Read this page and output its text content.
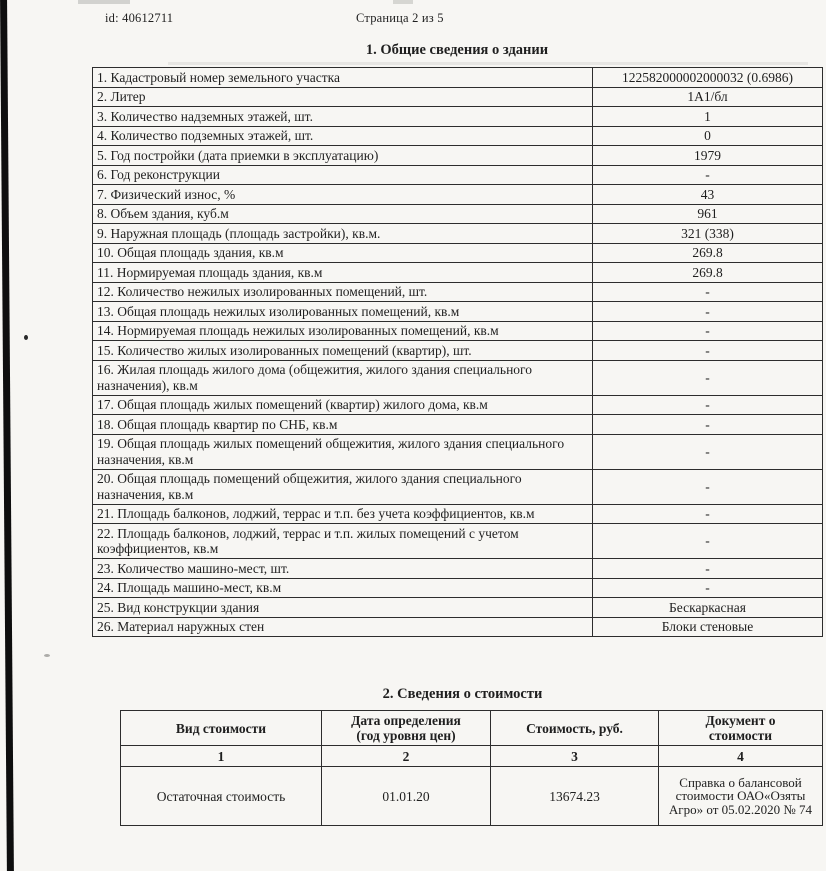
id: 40612711	Страница 2 из 5
1. Общие сведения о здании
1. Кадастровый номер земельного участка	122582000002000032 (0.6986)
2. Литер	1А1/бл
3. Количество надземных этажей, шт.	1
4. Количество подземных этажей, шт.	0
5. Год постройки (дата приемки в эксплуатацию)	1979
6. Год реконструкции	-
7. Физический износ, %	43
8. Объем здания, куб.м	961
9. Наружная площадь (площадь застройки), кв.м.	321 (338)
10. Общая площадь здания, кв.м	269.8
11. Нормируемая площадь здания, кв.м	269.8
12. Количество нежилых изолированных помещений, шт.	-
13. Общая площадь нежилых изолированных помещений, кв.м	-
14. Нормируемая площадь нежилых изолированных помещений, кв.м	-
15. Количество жилых изолированных помещений (квартир), шт.	-
16. Жилая площадь жилого дома (общежития, жилого здания специального назначения), кв.м	-
17. Общая площадь жилых помещений (квартир) жилого дома, кв.м	-
18. Общая площадь квартир по СНБ, кв.м	-
19. Общая площадь жилых помещений общежития, жилого здания специального назначения, кв.м	-
20. Общая площадь помещений общежития, жилого здания специального назначения, кв.м	-
21. Площадь балконов, лоджий, террас и т.п. без учета коэффициентов, кв.м	-
22. Площадь балконов, лоджий, террас и т.п. жилых помещений с учетом коэффициентов, кв.м	-
23. Количество машино-мест, шт.	-
24. Площадь машино-мест, кв.м	-
25. Вид конструкции здания	Бескаркасная
26. Материал наружных стен	Блоки стеновые
2. Сведения о стоимости
Вид стоимости	Дата определения (год уровня цен)	Стоимость, руб.	Документ о стоимости
1	2	3	4
Остаточная стоимость	01.01.20	13674.23	Справка о балансовой стоимости ОАО«Озяты Агро» от 05.02.2020 № 74
